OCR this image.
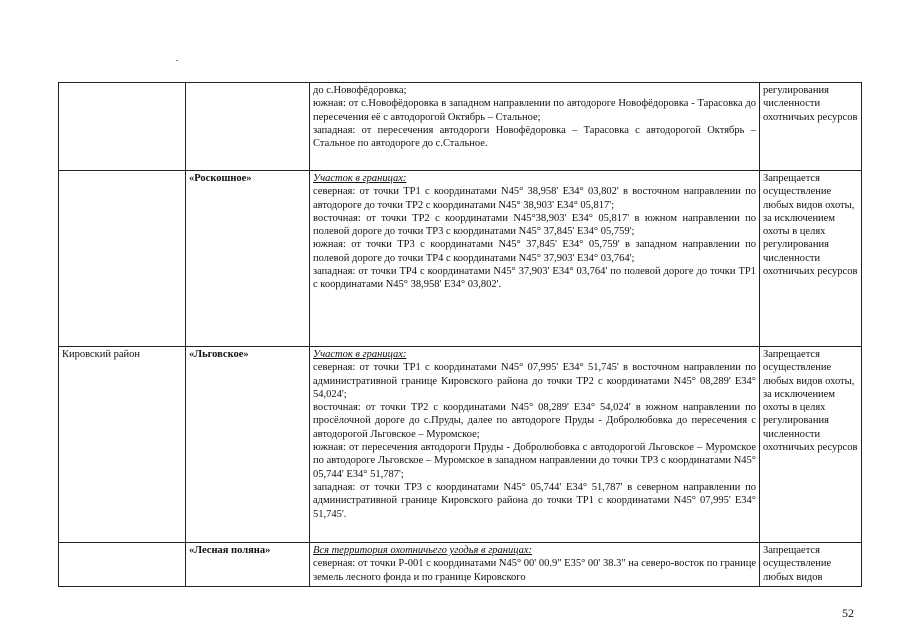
		до с.Новофёдоровка;

южная: от с.Новофёдоровка в западном направлении по автодороге Новофёдоровка - Тарасовка до пересечения её с автодорогой Октябрь – Стальное;

западная: от пересечения автодороги Новофёдоровка – Тарасовка с автодорогой Октябрь – Стальное по автодороге до с.Стальное.	регулирования численности охотничьих ресурсов
	«Роскошное»	Участок в границах:

северная: от точки ТР1 с координатами N45° 38,958' E34° 03,802' в восточном направлении по автодороге до точки ТР2 с координатами N45° 38,903' E34° 05,817';

восточная: от точки ТР2 с координатами N45°38,903' E34° 05,817' в южном направлении по полевой дороге до точки ТР3 с координатами N45° 37,845' E34° 05,759';

южная: от точки ТР3 с координатами N45° 37,845' E34° 05,759' в западном направлении по полевой дороге до точки ТР4 с координатами N45° 37,903' E34° 03,764';

западная: от точки ТР4 с координатами N45° 37,903' E34° 03,764' по полевой дороге до точки ТР1 с координатами N45° 38,958' E34° 03,802'.	Запрещается осуществление любых видов охоты, за исключением охоты в целях регулирования численности охотничьих ресурсов
Кировский район	«Льговское»	Участок в границах:

северная: от точки ТР1 с координатами N45° 07,995' E34° 51,745' в восточном направлении по административной границе Кировского района до точки ТР2 с координатами N45° 08,289' E34° 54,024';

восточная: от точки ТР2 с координатами N45° 08,289' E34° 54,024' в южном направлении по просёлочной дороге до с.Пруды, далее по автодороге Пруды - Добролюбовка до пересечения с автодорогой Льговское – Муромское;

южная: от пересечения автодороги Пруды - Добролюбовка с автодорогой Льговское – Муромское по автодороге Льговское – Муромское в западном направлении до точки ТР3 с координатами N45° 05,744' E34° 51,787';

западная: от точки ТР3 с координатами N45° 05,744' E34° 51,787' в северном направлении по административной границе Кировского района до точки ТР1 с координатами N45° 07,995' E34° 51,745'.	Запрещается осуществление любых видов охоты, за исключением охоты в целях регулирования численности охотничьих ресурсов
	«Лесная поляна»	Вся территория охотничьего угодья в границах:

северная: от точки Р-001 с координатами N45° 00' 00.9" E35° 00' 38.3" на северо-восток по границе земель лесного фонда и по границе Кировского	Запрещается осуществление любых видов
52
